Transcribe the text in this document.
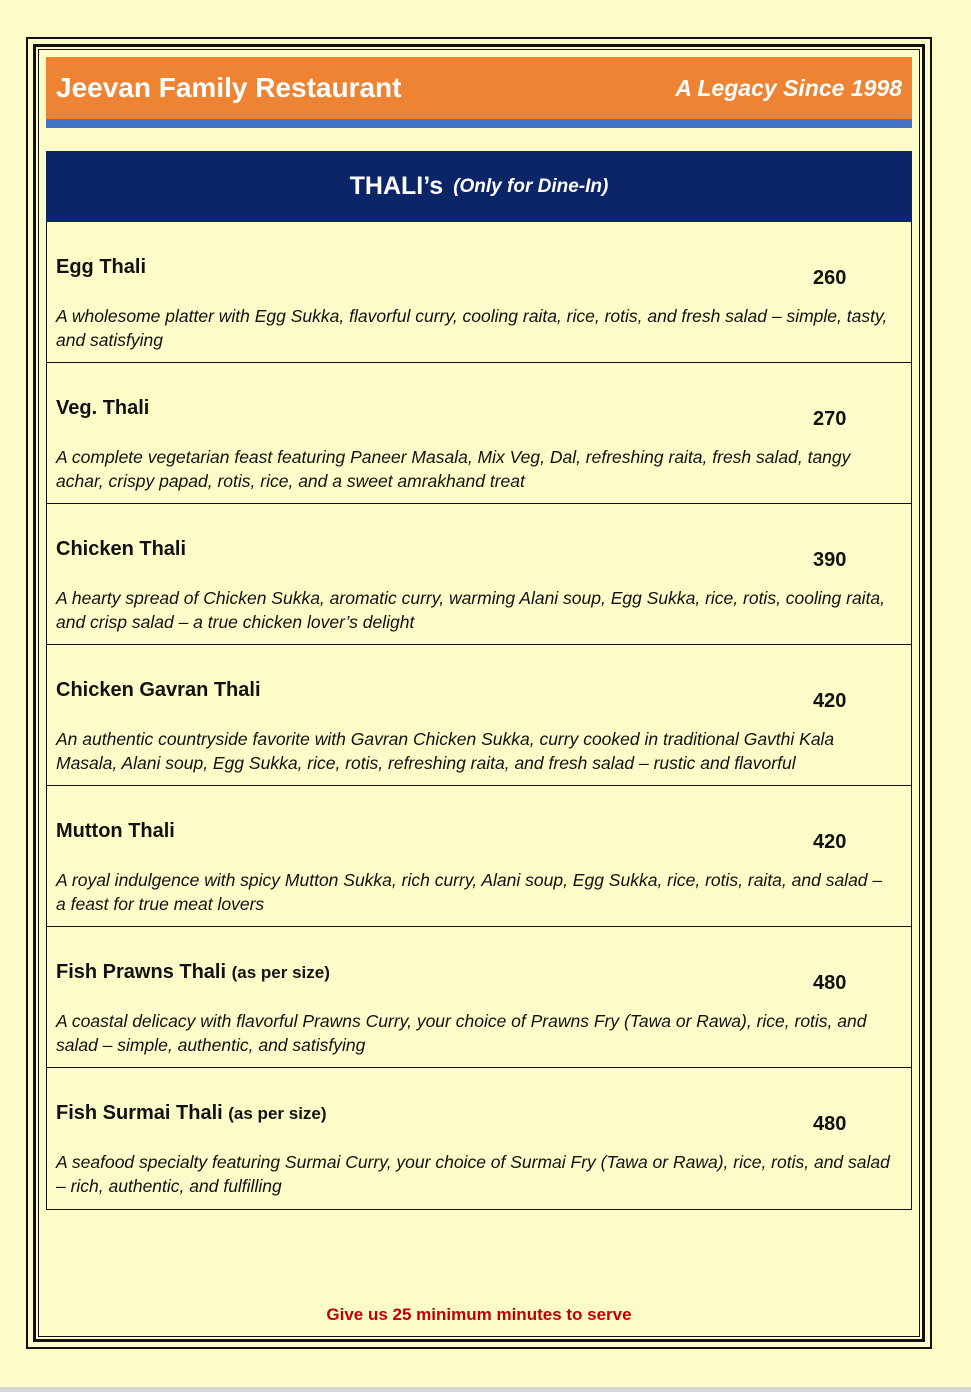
Jeevan Family Restaurant	A Legacy Since 1998
THALI’s (Only for Dine-In)
Egg Thali	260
A wholesome platter with Egg Sukka, flavorful curry, cooling raita, rice, rotis, and fresh salad – simple, tasty, and satisfying
Veg. Thali	270
A complete vegetarian feast featuring Paneer Masala, Mix Veg, Dal, refreshing raita, fresh salad, tangy achar, crispy papad, rotis, rice, and a sweet amrakhand treat
Chicken Thali	390
A hearty spread of Chicken Sukka, aromatic curry, warming Alani soup, Egg Sukka, rice, rotis, cooling raita, and crisp salad – a true chicken lover’s delight
Chicken Gavran Thali	420
An authentic countryside favorite with Gavran Chicken Sukka, curry cooked in traditional Gavthi Kala Masala, Alani soup, Egg Sukka, rice, rotis, refreshing raita, and fresh salad – rustic and flavorful
Mutton Thali	420
A royal indulgence with spicy Mutton Sukka, rich curry, Alani soup, Egg Sukka, rice, rotis, raita, and salad – a feast for true meat lovers
Fish Prawns Thali (as per size)	480
A coastal delicacy with flavorful Prawns Curry, your choice of Prawns Fry (Tawa or Rawa), rice, rotis, and salad – simple, authentic, and satisfying
Fish Surmai Thali (as per size)	480
A seafood specialty featuring Surmai Curry, your choice of Surmai Fry (Tawa or Rawa), rice, rotis, and salad – rich, authentic, and fulfilling
Give us 25 minimum minutes to serve
